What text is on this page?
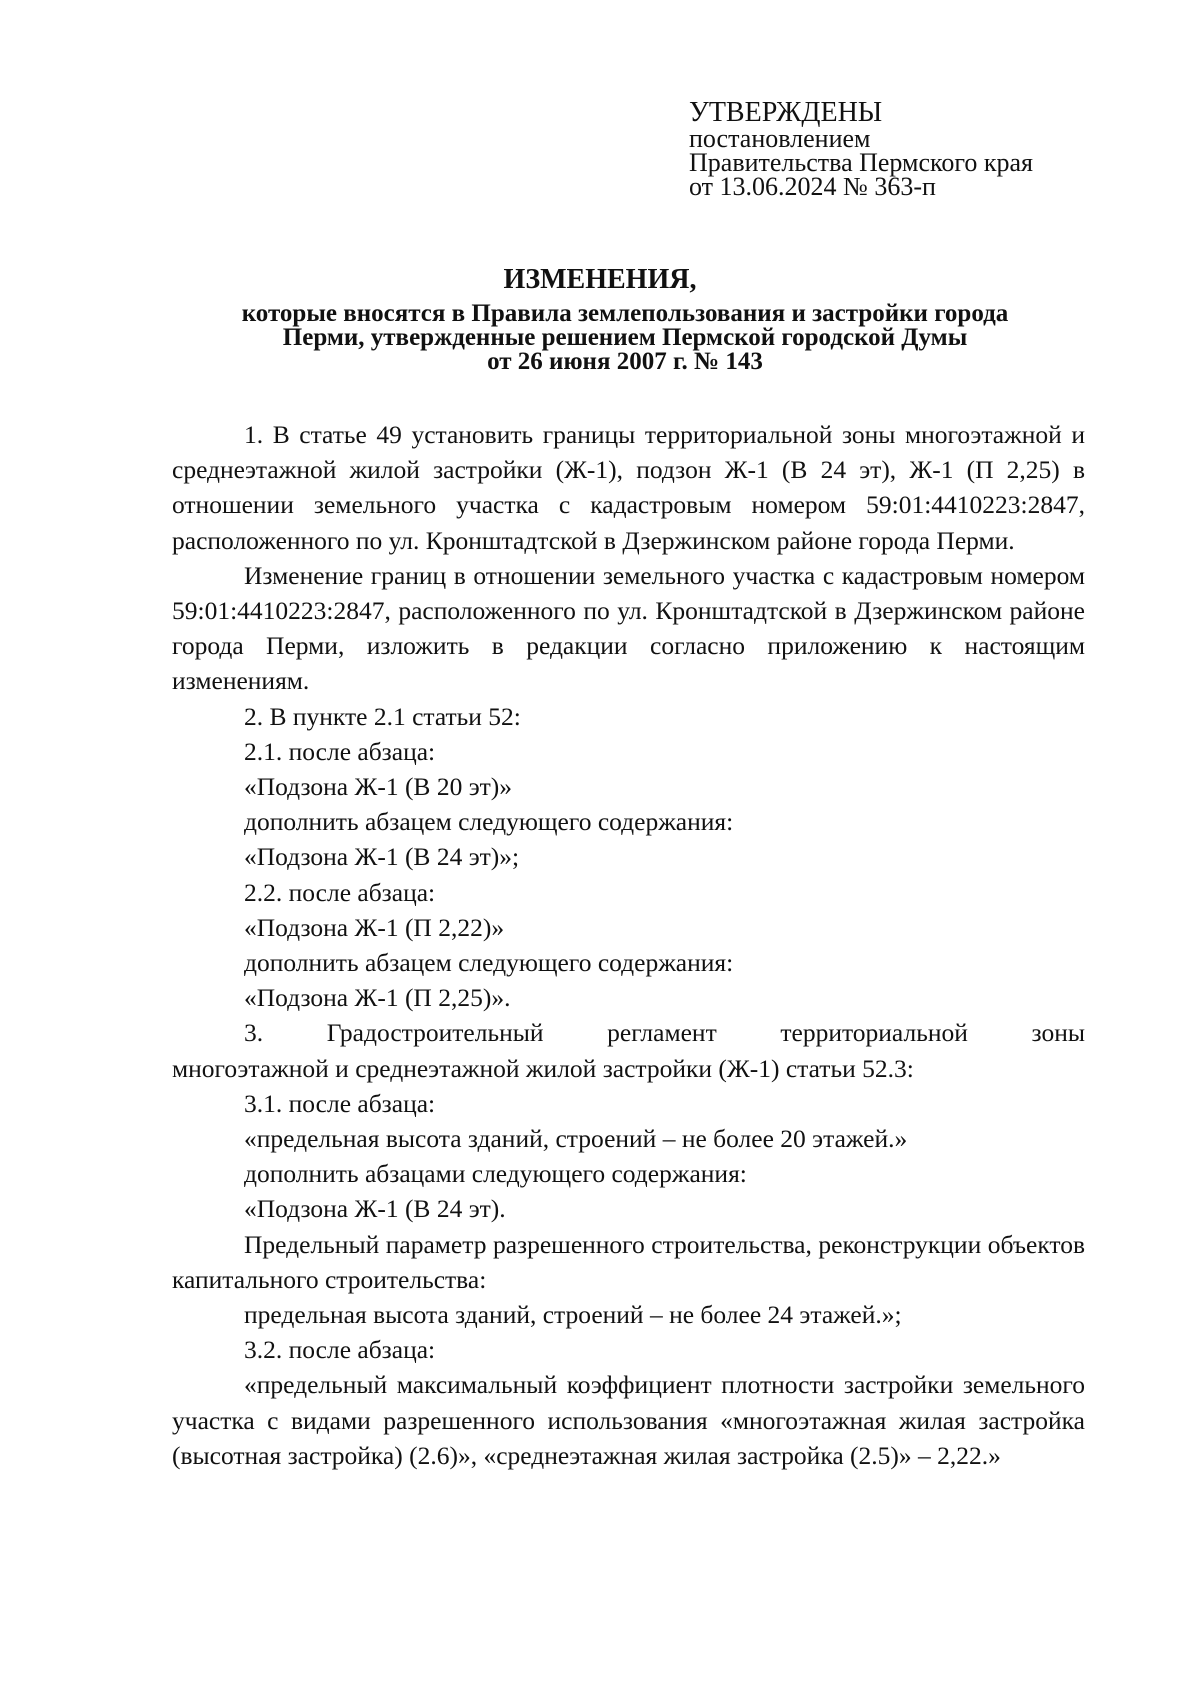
УТВЕРЖДЕНЫ
постановлением
Правительства Пермского края
от 13.06.2024 № 363-п
ИЗМЕНЕНИЯ,
которые вносятся в Правила землепользования и застройки города
Перми, утвержденные решением Пермской городской Думы
от 26 июня 2007 г. № 143

1. В статье 49 установить границы территориальной зоны многоэтажной и среднеэтажной жилой застройки (Ж-1), подзон Ж-1 (В 24 эт), Ж-1 (П 2,25) в отношении земельного участка с кадастровым номером 59:01:4410223:2847, расположенного по ул. Кронштадтской в Дзержинском районе города Перми.

Изменение границ в отношении земельного участка с кадастровым номером 59:01:4410223:2847, расположенного по ул. Кронштадтской в Дзержинском районе города Перми, изложить в редакции согласно приложению к настоящим изменениям.

2. В пункте 2.1 статьи 52:

2.1. после абзаца:

«Подзона Ж-1 (В 20 эт)»

дополнить абзацем следующего содержания:

«Подзона Ж-1 (В 24 эт)»;

2.2. после абзаца:

«Подзона Ж-1 (П 2,22)»

дополнить абзацем следующего содержания:

«Подзона Ж-1 (П 2,25)».

3. Градостроительный регламент территориальной зоны

многоэтажной и среднеэтажной жилой застройки (Ж-1) статьи 52.3:

3.1. после абзаца:

«предельная высота зданий, строений – не более 20 этажей.»

дополнить абзацами следующего содержания:

«Подзона Ж-1 (В 24 эт).

Предельный параметр разрешенного строительства, реконструкции объектов капитального строительства:

предельная высота зданий, строений – не более 24 этажей.»;

3.2. после абзаца:

«предельный максимальный коэффициент плотности застройки земельного участка с видами разрешенного использования «многоэтажная жилая застройка (высотная застройка) (2.6)», «среднеэтажная жилая застройка (2.5)» – 2,22.»
